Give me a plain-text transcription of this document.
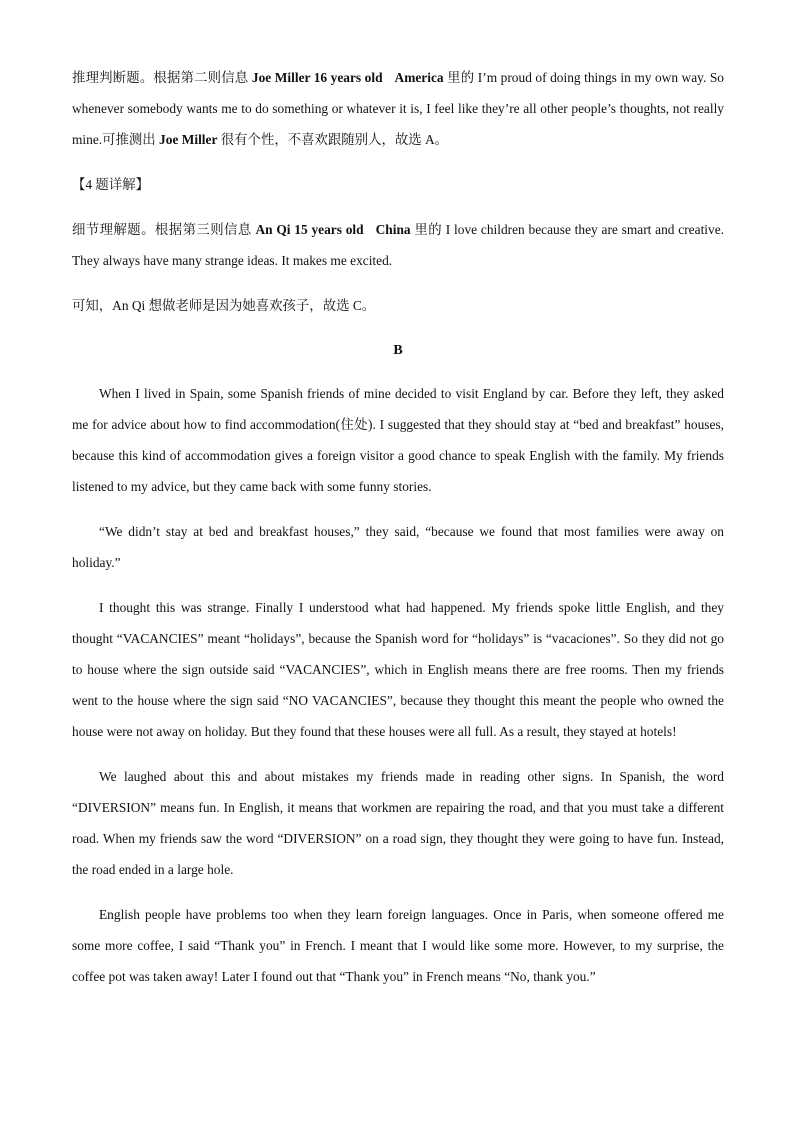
推理判断题。根据第二则信息 Joe Miller 16 years old America 里的 I’m proud of doing things in my own way. So whenever somebody wants me to do something or whatever it is, I feel like they’re all other people’s thoughts, not really mine.可推测出 Joe Miller 很有个性，不喜欢跟随别人，故选 A。

【4 题详解】

细节理解题。根据第三则信息 An Qi 15 years old China 里的 I love children because they are smart and creative. They always have many strange ideas. It makes me excited.

可知，An Qi 想做老师是因为她喜欢孩子，故选 C。

B

When I lived in Spain, some Spanish friends of mine decided to visit England by car. Before they left, they asked me for advice about how to find accommodation(住处). I suggested that they should stay at “bed and breakfast” houses, because this kind of accommodation gives a foreign visitor a good chance to speak English with the family. My friends listened to my advice, but they came back with some funny stories.

“We didn’t stay at bed and breakfast houses,” they said, “because we found that most families were away on holiday.”

I thought this was strange. Finally I understood what had happened. My friends spoke little English, and they thought “VACANCIES” meant “holidays”, because the Spanish word for “holidays” is “vacaciones”. So they did not go to house where the sign outside said “VACANCIES”, which in English means there are free rooms. Then my friends went to the house where the sign said “NO VACANCIES”, because they thought this meant the people who owned the house were not away on holiday. But they found that these houses were all full. As a result, they stayed at hotels!

We laughed about this and about mistakes my friends made in reading other signs. In Spanish, the word “DIVERSION” means fun. In English, it means that workmen are repairing the road, and that you must take a different road. When my friends saw the word “DIVERSION” on a road sign, they thought they were going to have fun. Instead, the road ended in a large hole.

English people have problems too when they learn foreign languages. Once in Paris, when someone offered me some more coffee, I said “Thank you” in French. I meant that I would like some more. However, to my surprise, the coffee pot was taken away! Later I found out that “Thank you” in French means “No, thank you.”
